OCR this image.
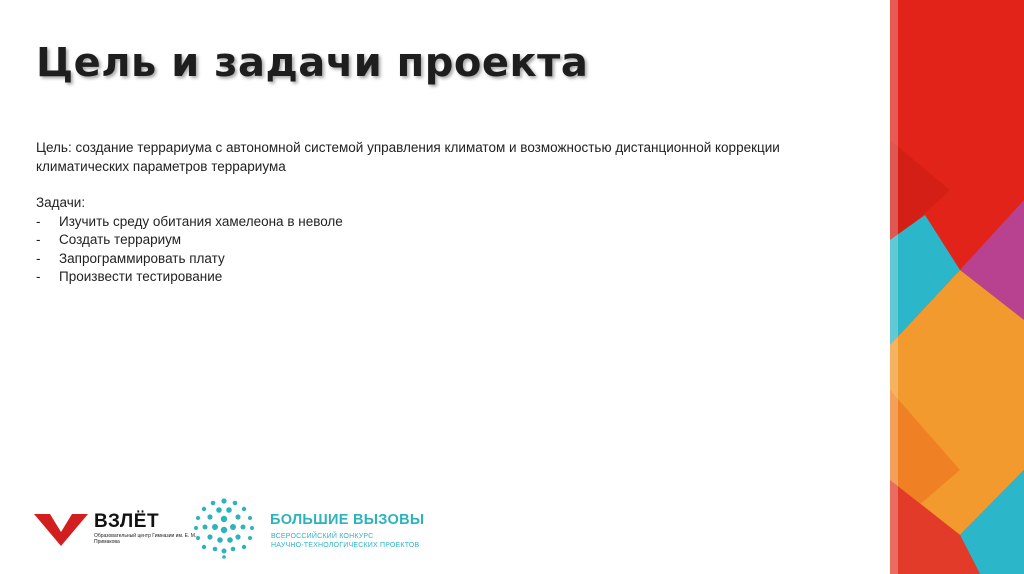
Цель и задачи проекта
Цель: создание террариума с автономной системой управления климатом и возможностью дистанционной коррекции климатических параметров террариума
Задачи:
-	Изучить среду обитания хамелеона в неволе
-	Создать террариум
-	Запрограммировать плату
-	Произвести тестирование
ВЗЛЁТ
Образовательный центр Гимназии им. Е. М. Примакова
БОЛЬШИЕ ВЫЗОВЫ
ВСЕРОССИЙСКИЙ КОНКУРС
НАУЧНО-ТЕХНОЛОГИЧЕСКИХ ПРОЕКТОВ
